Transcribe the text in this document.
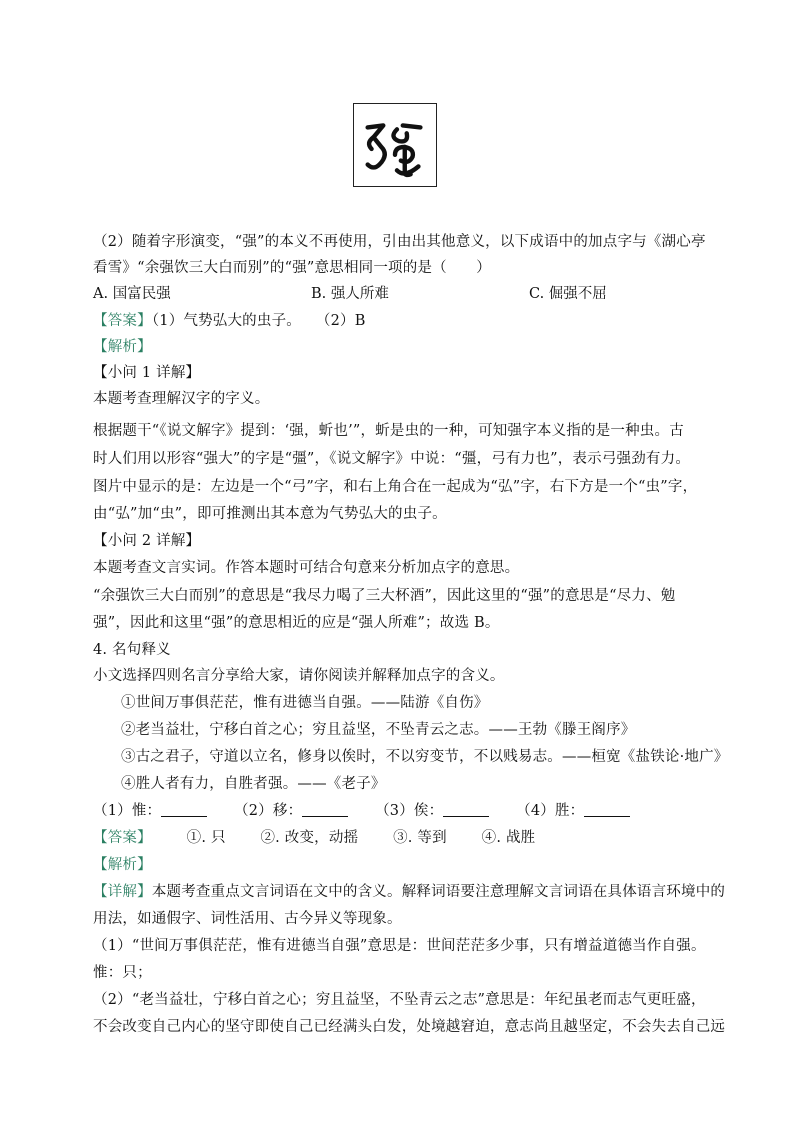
（2）随着字形演变，“强”的本义不再使用，引由出其他意义，以下成语中的加点字与《湖心亭
看雪》“余强饮三大白而别”的“强”意思相同一项的是（　　）
A. 国富民强	B. 强人所难	C. 倔强不屈
【答案】（1）气势弘大的虫子。　　（2）B
【解析】
【小问 1 详解】
本题考查理解汉字的字义。
根据题干“《说文解字》提到：‘强，蚚也’”，蚚是虫的一种，可知强字本义指的是一种虫。古
时人们用以形容“强大”的字是“彊”，《说文解字》中说：“彊，弓有力也”，表示弓强劲有力。
图片中显示的是：左边是一个“弓”字，和右上角合在一起成为“弘”字，右下方是一个“虫”字，
由“弘”加“虫”，即可推测出其本意为气势弘大的虫子。
【小问 2 详解】
本题考查文言实词。作答本题时可结合句意来分析加点字的意思。
“余强饮三大白而别”的意思是“我尽力喝了三大杯酒”，因此这里的“强”的意思是“尽力、勉
强”，因此和这里“强”的意思相近的应是“强人所难”；故选 B。
4. 名句释义
小文选择四则名言分享给大家，请你阅读并解释加点字的含义。
①世间万事俱茫茫，惟有进德当自强。——陆游《自伤》
②老当益壮，宁移白首之心；穷且益坚，不坠青云之志。——王勃《滕王阁序》
③古之君子，守道以立名，修身以俟时，不以穷变节，不以贱易志。——桓宽《盐铁论·地广》
④胜人者有力，自胜者强。——《老子》
（1）惟：	（2）移：	（3）俟：	（4）胜：
【答案】 ①. 只 ②. 改变，动摇 ③. 等到 ④. 战胜
【解析】
【详解】本题考查重点文言词语在文中的含义。解释词语要注意理解文言词语在具体语言环境中的
用法，如通假字、词性活用、古今异义等现象。
（1）“世间万事俱茫茫，惟有进德当自强”意思是：世间茫茫多少事，只有增益道德当作自强。
惟：只；
（2）“老当益壮，宁移白首之心；穷且益坚，不坠青云之志”意思是：年纪虽老而志气更旺盛，
不会改变自己内心的坚守即使自己已经满头白发，处境越窘迫，意志尚且越坚定，不会失去自己远
